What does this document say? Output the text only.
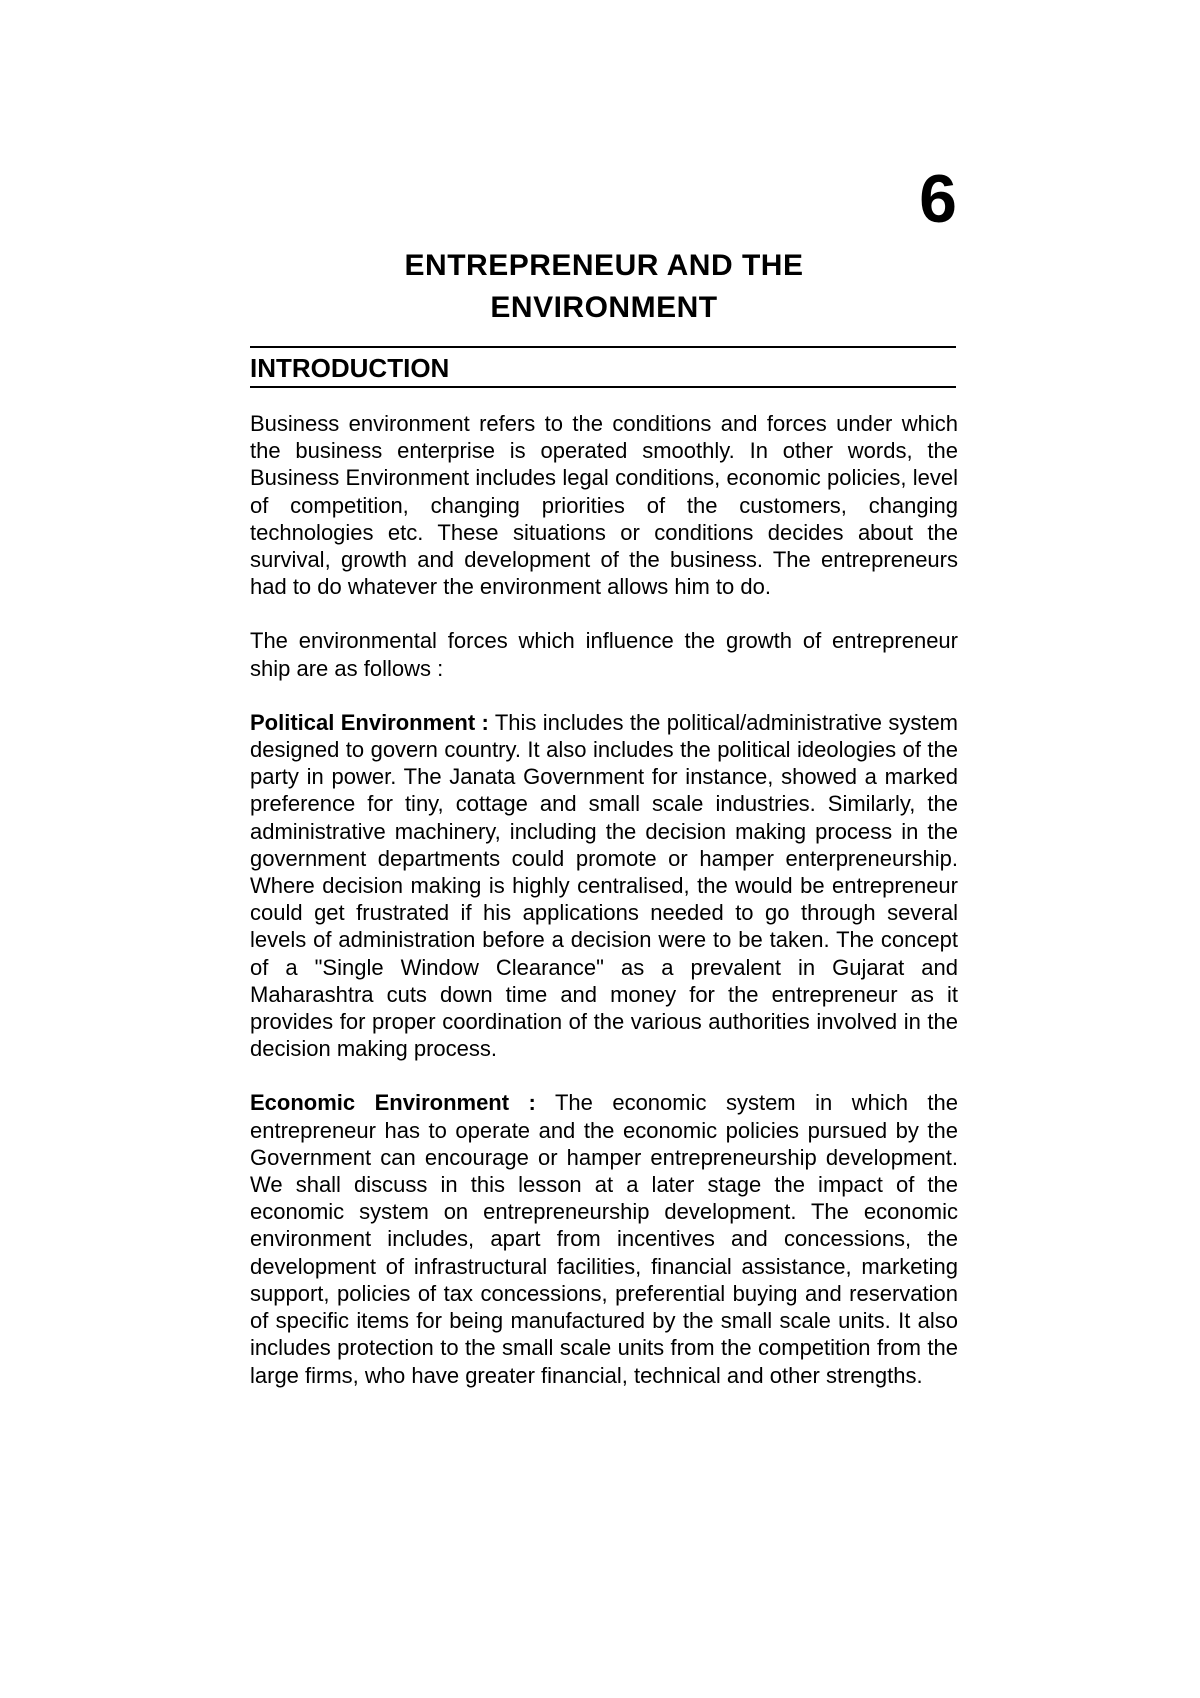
6
ENTREPRENEUR AND THE
ENVIRONMENT
INTRODUCTION

Business environment refers to the conditions and forces under which the business enterprise is operated smoothly. In other words, the Business Environment includes legal conditions, economic policies, level of competition, changing priorities of the customers, changing technologies etc. These situations or conditions decides about the survival, growth and development of the business. The entrepreneurs had to do whatever the environment allows him to do.

The environmental forces which influence the growth of entrepreneur ship are as follows :

Political Environment : This includes the political/administrative system designed to govern country. It also includes the political ideologies of the party in power. The Janata Government for instance, showed a marked preference for tiny, cottage and small scale industries. Similarly, the administrative machinery, including the decision making process in the government departments could promote or hamper enterpreneurship. Where decision making is highly centralised, the would be entrepreneur could get frustrated if his applications needed to go through several levels of administration before a decision were to be taken. The concept of a "Single Window Clearance" as a prevalent in Gujarat and Maharashtra cuts down time and money for the entrepreneur as it provides for proper coordination of the various authorities involved in the decision making process.

Economic Environment : The economic system in which the entrepreneur has to operate and the economic policies pursued by the Government can encourage or hamper entrepreneurship development. We shall discuss in this lesson at a later stage the impact of the economic system on entrepreneurship development. The economic environment includes, apart from incentives and concessions, the development of infrastructural facilities, financial assistance, marketing support, policies of tax concessions, preferential buying and reservation of specific items for being manufactured by the small scale units. It also includes protection to the small scale units from the competition from the large firms, who have greater financial, technical and other strengths.
